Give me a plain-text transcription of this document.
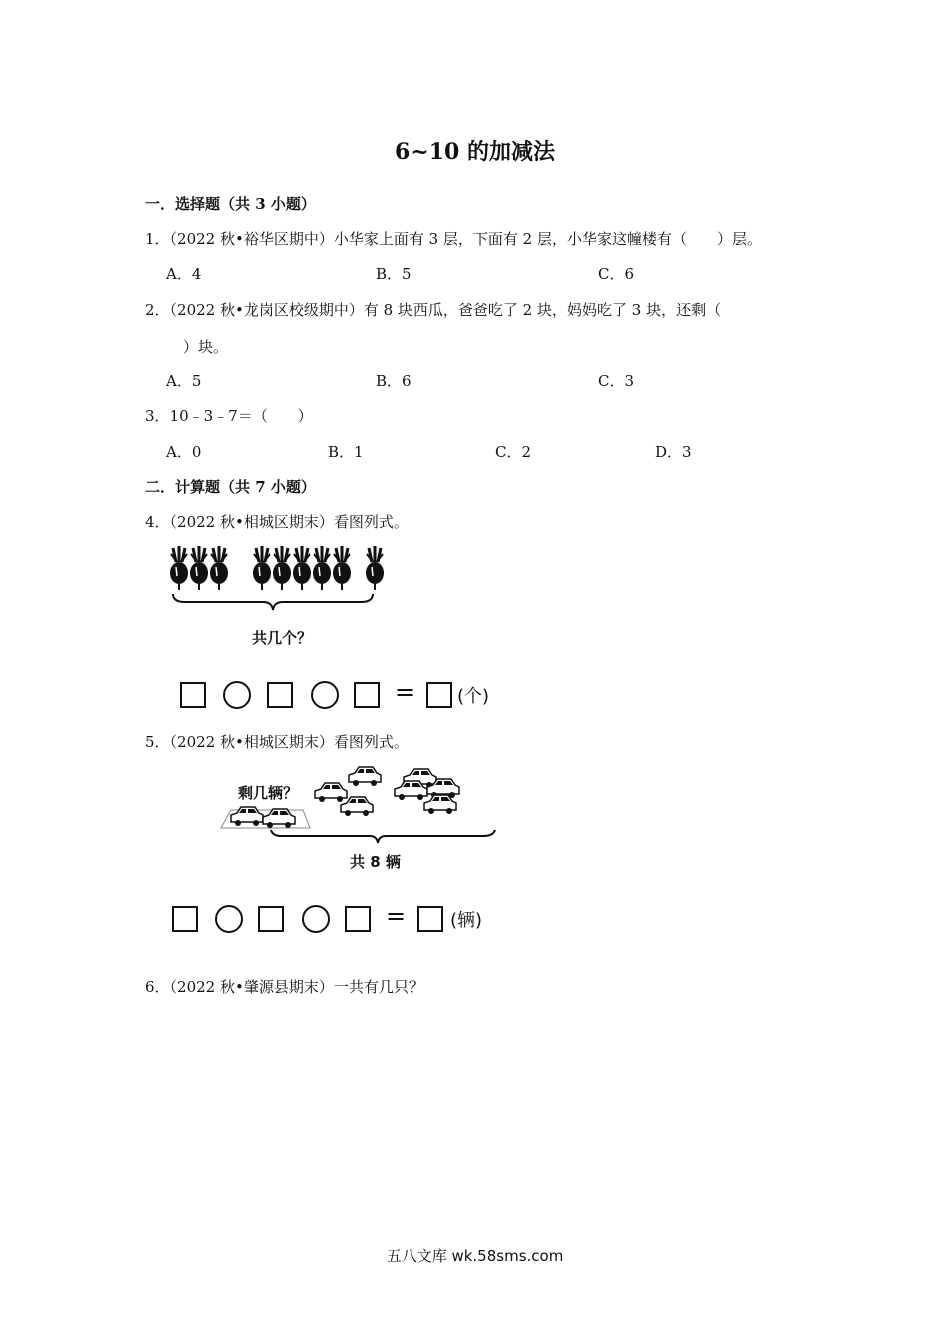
6~10 的加减法
一．选择题（共 3 小题）
1．（2022 秋•裕华区期中）小华家上面有 3 层，下面有 2 层，小华家这幢楼有（　　）层。
A．4	B．5	C．6
2．（2022 秋•龙岗区校级期中）有 8 块西瓜，爸爸吃了 2 块，妈妈吃了 3 块，还剩（
）块。
A．5	B．6	C．3
3．10﹣3﹣7＝（　　）
A．0	B．1	C．2	D．3
二．计算题（共 7 小题）
4．（2022 秋•相城区期末）看图列式。
共几个？
= (个)
5．（2022 秋•相城区期末）看图列式。
剩几辆？
共 8 辆
= (辆)
6．（2022 秋•肇源县期末）一共有几只？
五八文库 wk.58sms.com
